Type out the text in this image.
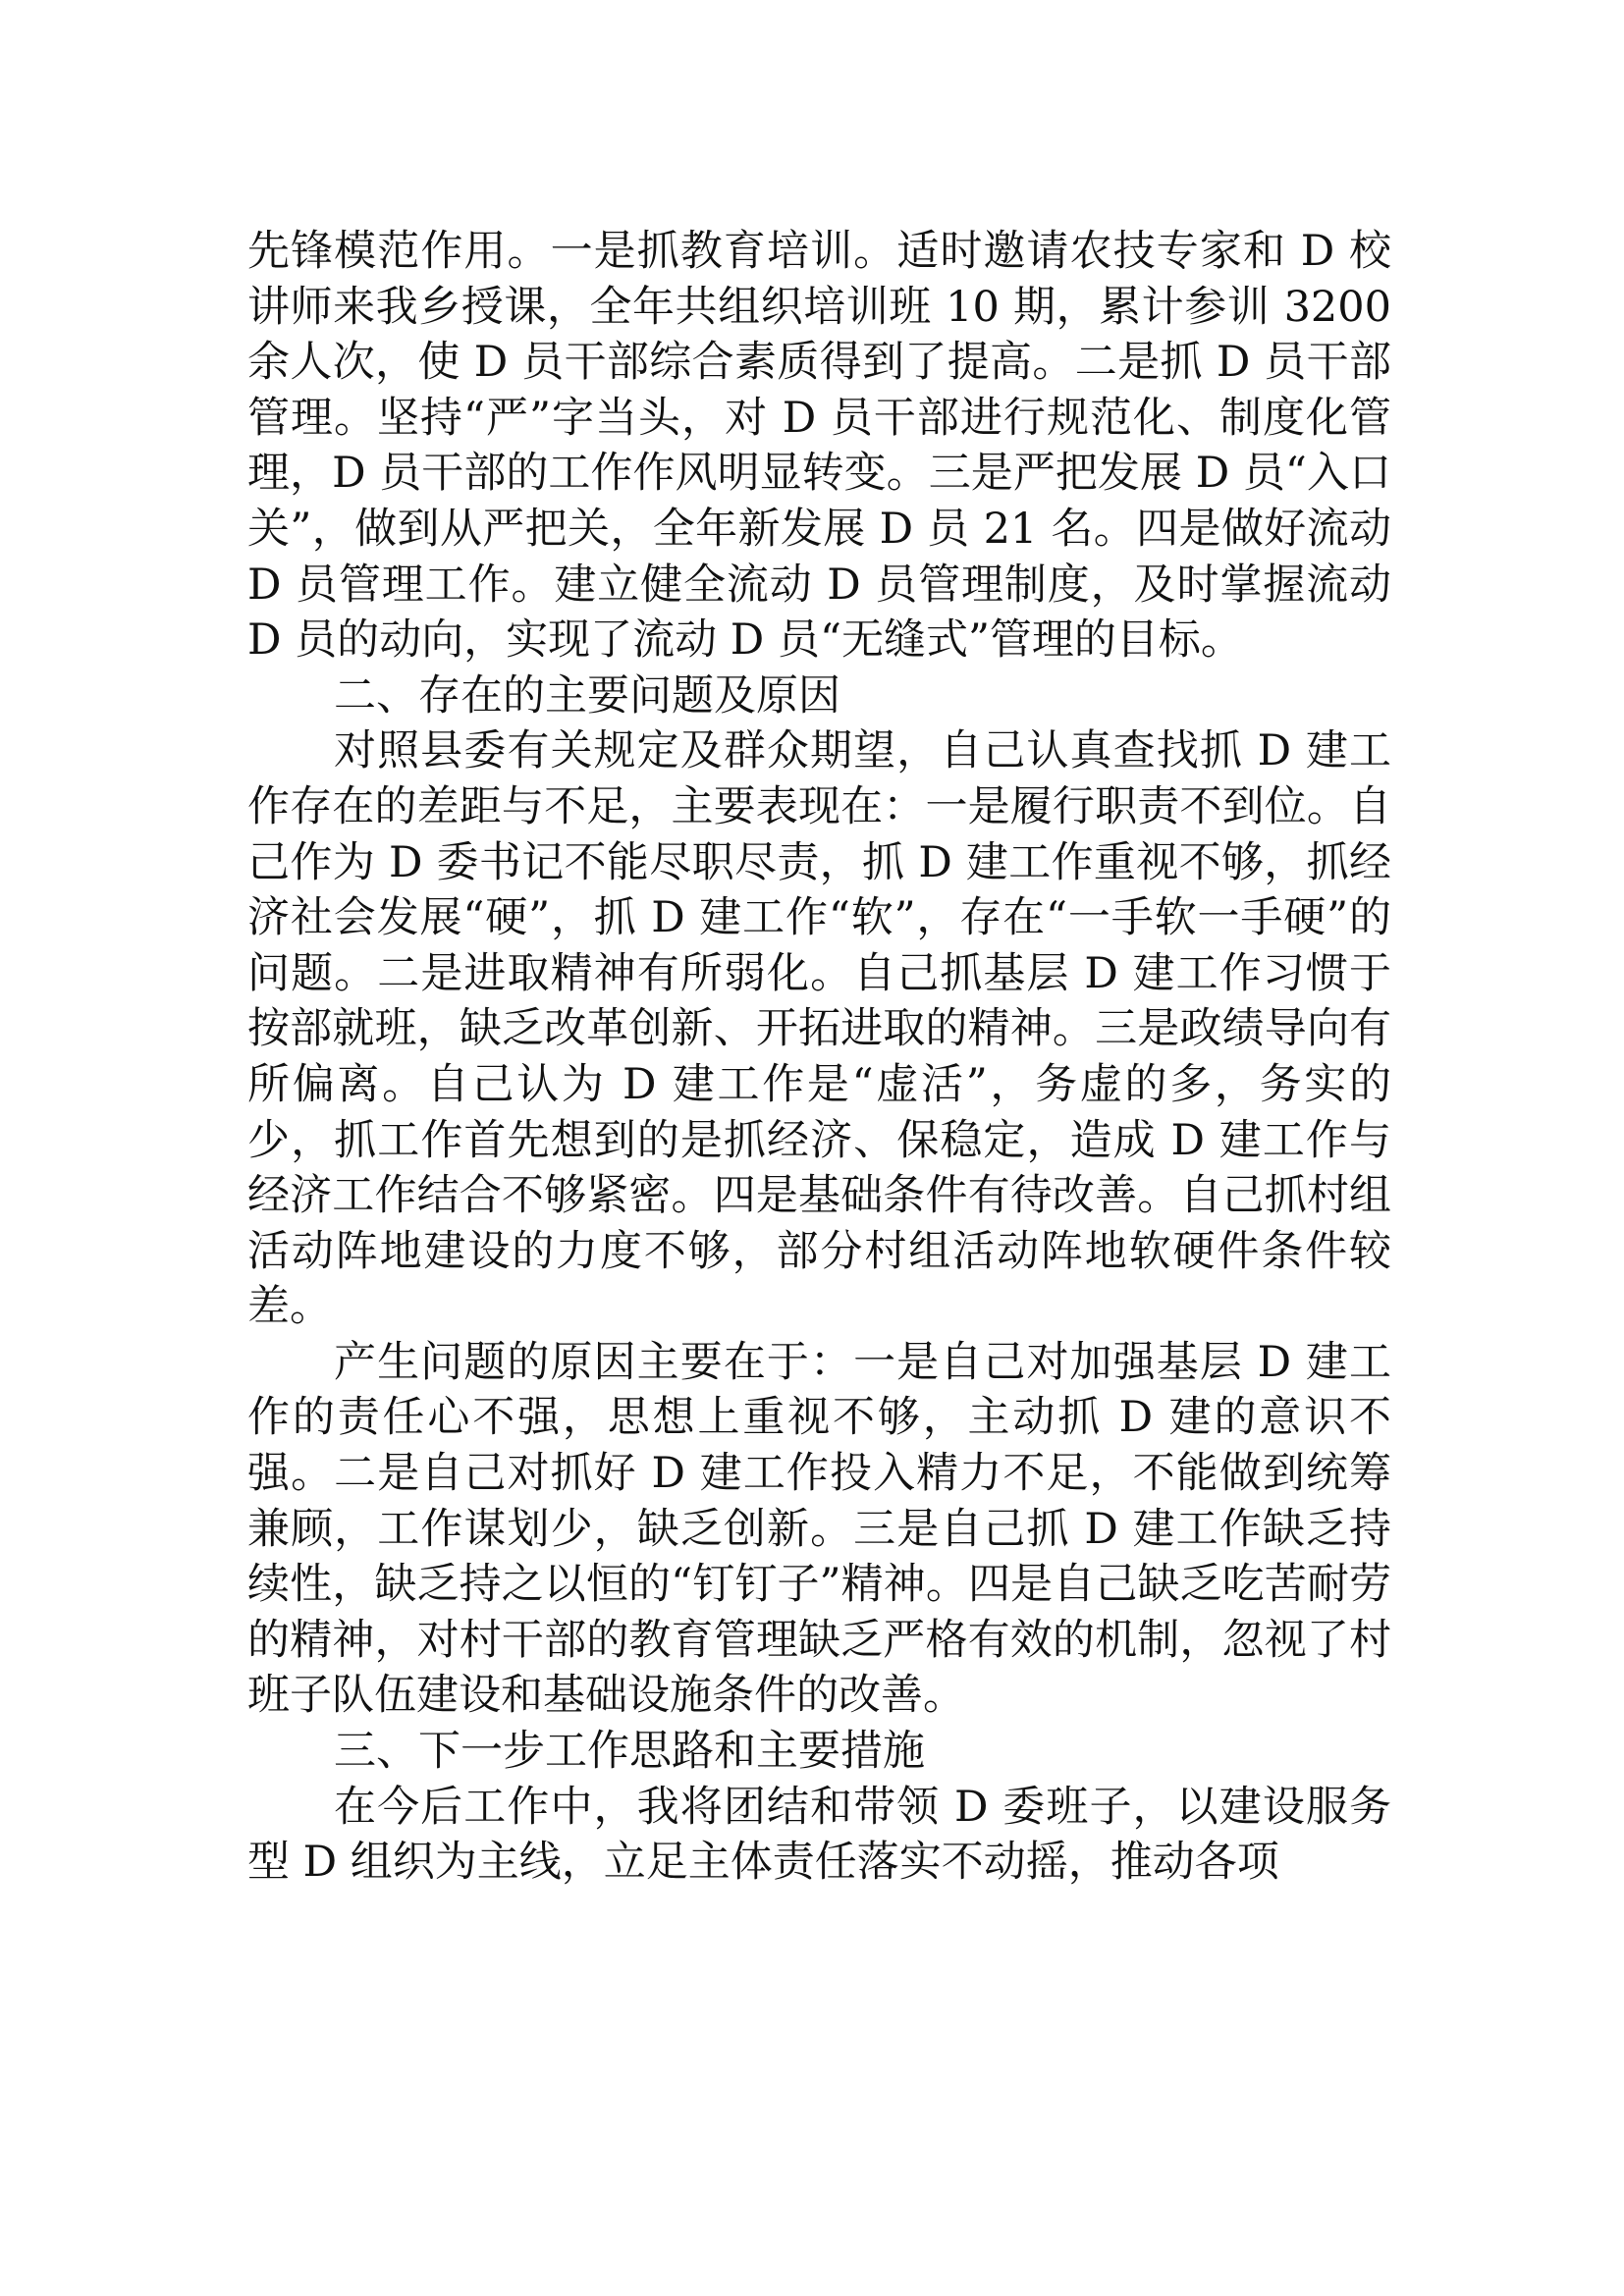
先锋模范作用。一是抓教育培训。适时邀请农技专家和 D 校讲师来我乡授课，全年共组织培训班 10 期，累计参训 3200 余人次，使 D 员干部综合素质得到了提高。二是抓 D 员干部管理。坚持“严”字当头，对 D 员干部进行规范化、制度化管理，D 员干部的工作作风明显转变。三是严把发展 D 员“入口关”，做到从严把关，全年新发展 D 员 21 名。四是做好流动 D 员管理工作。建立健全流动 D 员管理制度，及时掌握流动 D 员的动向，实现了流动 D 员“无缝式”管理的目标。

二、存在的主要问题及原因

对照县委有关规定及群众期望，自己认真查找抓 D 建工作存在的差距与不足，主要表现在：一是履行职责不到位。自己作为 D 委书记不能尽职尽责，抓 D 建工作重视不够，抓经济社会发展“硬”，抓 D 建工作“软”，存在“一手软一手硬”的问题。二是进取精神有所弱化。自己抓基层 D 建工作习惯于按部就班，缺乏改革创新、开拓进取的精神。三是政绩导向有所偏离。自己认为 D 建工作是“虚活”，务虚的多，务实的少，抓工作首先想到的是抓经济、保稳定，造成 D 建工作与经济工作结合不够紧密。四是基础条件有待改善。自己抓村组活动阵地建设的力度不够，部分村组活动阵地软硬件条件较差。

产生问题的原因主要在于：一是自己对加强基层 D 建工作的责任心不强，思想上重视不够，主动抓 D 建的意识不强。二是自己对抓好 D 建工作投入精力不足，不能做到统筹兼顾，工作谋划少，缺乏创新。三是自己抓 D 建工作缺乏持续性，缺乏持之以恒的“钉钉子”精神。四是自己缺乏吃苦耐劳的精神，对村干部的教育管理缺乏严格有效的机制，忽视了村班子队伍建设和基础设施条件的改善。

三、下一步工作思路和主要措施

在今后工作中，我将团结和带领 D 委班子，以建设服务型 D 组织为主线，立足主体责任落实不动摇，推动各项
